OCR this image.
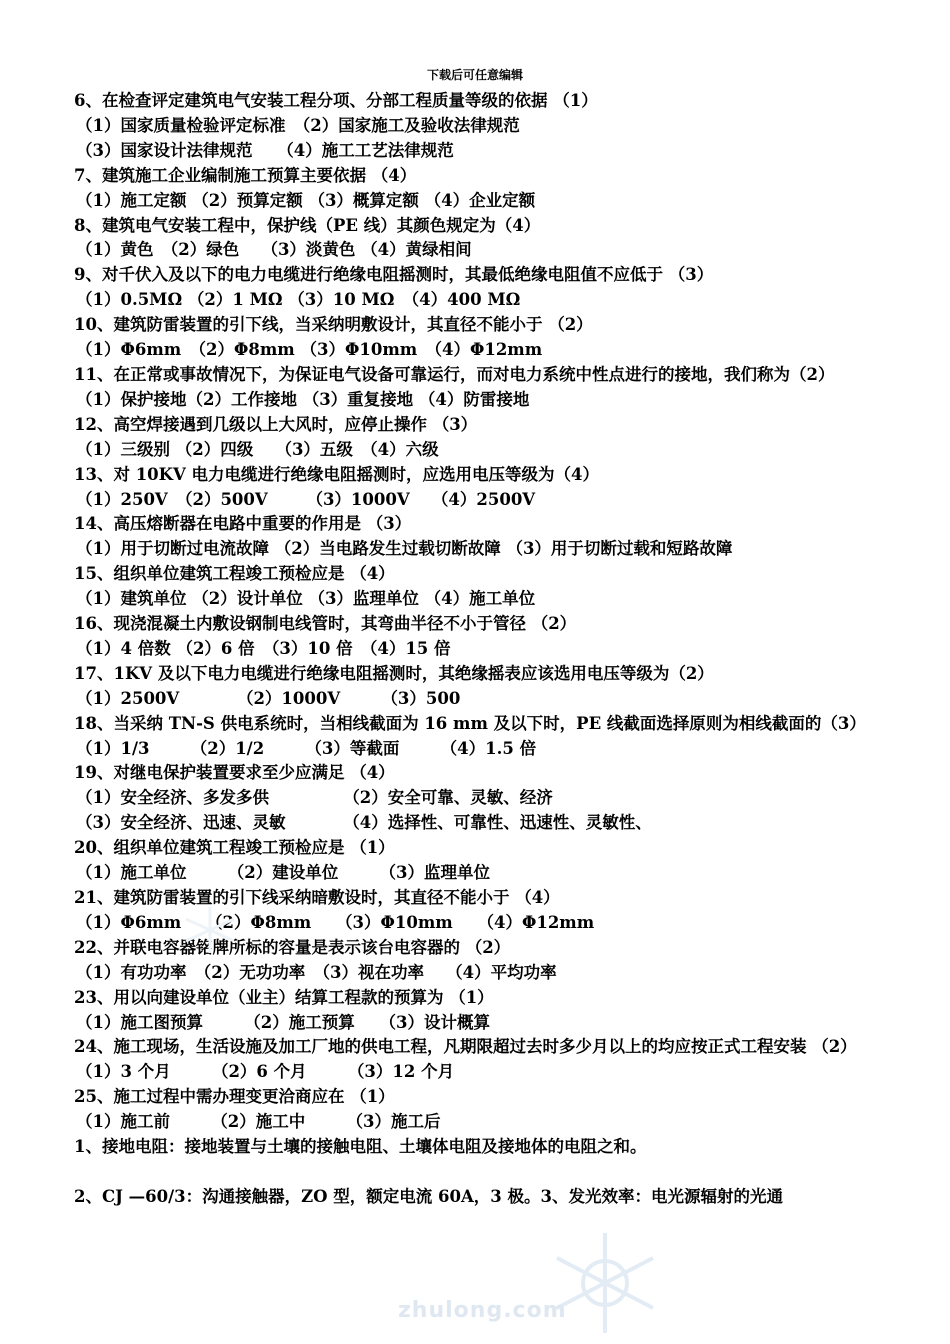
下载后可任意编辑
6、在检查评定建筑电气安装工程分项、分部工程质量等级的依据 （1）
（1）国家质量检验评定标准　（2）国家施工及验收法律规范
（3）国家设计法律规范　　（4）施工工艺法律规范
7、建筑施工企业编制施工预算主要依据 （4）
（1）施工定额 （2）预算定额 （3）概算定额 （4）企业定额
8、建筑电气安装工程中，保护线（PE 线）其颜色规定为（4）
（1）黄色　（2）绿色　 （3）淡黄色 （4）黄绿相间
9、对千伏入及以下的电力电缆进行绝缘电阻摇测时，其最低绝缘电阻值不应低于 （3）
（1）0.5MΩ （2）1 MΩ （3）10 MΩ　（4）400 MΩ
10、建筑防雷装置的引下线，当采纳明敷设计，其直径不能小于 （2）
（1）Φ6mm　（2）Φ8mm （3）Φ10mm　（4）Φ12mm
11、在正常或事故情况下，为保证电气设备可靠运行，而对电力系统中性点进行的接地，我们称为（2）
（1）保护接地（2）工作接地 （3）重复接地 （4）防雷接地
12、高空焊接遇到几级以上大风时，应停止操作 （3）
（1）三级别 （2）四级　 （3）五级　（4）六级
13、对 10KV 电力电缆进行绝缘电阻摇测时，应选用电压等级为（4）
（1）250V　（2）500V　　 （3）1000V　 （4）2500V
14、高压熔断器在电路中重要的作用是 （3）
（1）用于切断过电流故障 （2）当电路发生过载切断故障 （3）用于切断过载和短路故障
15、组织单位建筑工程竣工预检应是 （4）
（1）建筑单位 （2）设计单位 （3）监理单位 （4）施工单位
16、现浇混凝土内敷设钢制电线管时，其弯曲半径不小于管径 （2）
（1）4 倍数 （2）6 倍　（3）10 倍　（4）15 倍
17、1KV 及以下电力电缆进行绝缘电阻摇测时，其绝缘摇表应该选用电压等级为（2）
（1）2500V　　　　（2）1000V　　　（3）500
18、当采纳 TN-S 供电系统时，当相线截面为 16 mm 及以下时，PE 线截面选择原则为相线截面的（3）
（1）1/3　　　（2）1/2　　　（3）等截面　　　（4）1.5 倍
19、对继电保护装置要求至少应满足 （4）
（1）安全经济、多发多供　　　　　（2）安全可靠、灵敏、经济
（3）安全经济、迅速、灵敏　　　　（4）选择性、可靠性、迅速性、灵敏性、
20、组织单位建筑工程竣工预检应是 （1）
（1）施工单位　　　（2）建设单位　　　（3）监理单位
21、建筑防雷装置的引下线采纳暗敷设时，其直径不能小于 （4）
（1）Φ6mm　　（2）Φ8mm　　（3）Φ10mm　　（4）Φ12mm
22、并联电容器铭牌所标的容量是表示该台电容器的 （2）
（1）有功功率　（2）无功功率　（3）视在功率　 （4）平均功率
23、用以向建设单位（业主）结算工程款的预算为 （1）
（1）施工图预算　　　（2）施工预算　　（3）设计概算
24、施工现场，生活设施及加工厂地的供电工程，凡期限超过去时多少月以上的均应按正式工程安装 （2）
（1）3 个月　　　（2）6 个月　　　（3）12 个月
25、施工过程中需办理变更洽商应在 （1）
（1）施工前　　　（2）施工中　　　（3）施工后
1、接地电阻：接地装置与土壤的接触电阻、土壤体电阻及接地体的电阻之和。
2、CJ —60/3：沟通接触器，ZO 型，额定电流 60A，3 极。3、发光效率：电光源辐射的光通
zhulong.com
